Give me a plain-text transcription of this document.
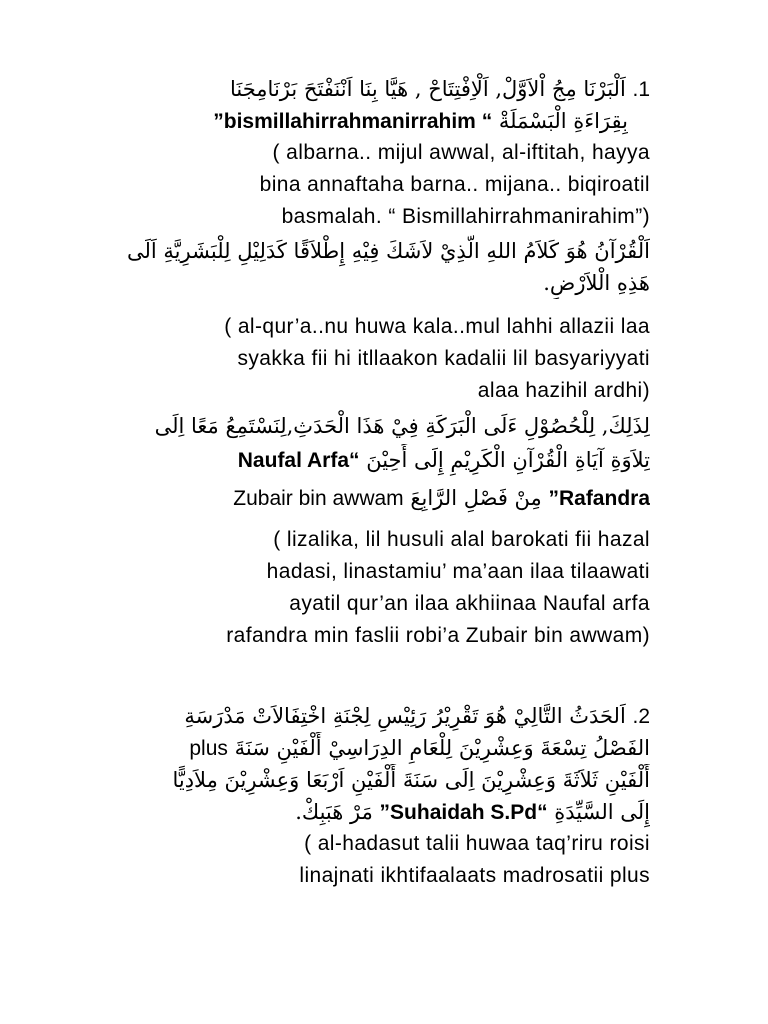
1. اَلْبَرْنَا مِجُ اْلاَوَّلْ, اَلْاِفْتِتَاحْ , هَيَّا بِنَا اَنْنَفْتَحَ بَرْنَامِجَنَا
بِقِرَاءَةِ الْبَسْمَلَةْ “ bismillahirrahmanirrahim”
( albarna.. mijul awwal, al-iftitah, hayya
bina annaftaha barna.. mijana.. biqiroatil
basmalah. “ Bismillahirrahmanirahim”)
اَلْقُرْآنُ هُوَ كَلاَمُ اللهِ الَّذِيْ لاَشَكَ فِيْهِ إِطْلاَقًا كَدَلِيْلِ لِلْبَشَرِيَّةِ اَلَى
هَذِهِ الْلاَرْضِ.
( al-qur’a..nu huwa kala..mul lahhi allazii laa
syakka fii hi itllaakon kadalii lil basyariyyati
alaa hazihil ardhi)
لِذَلِكَ, لِلْحُصُوْلِ ءَلَى الْبَرَكَةِ فِيْ هَذَا الْحَدَثِ,لِنَسْتَمِعُ مَعًا اِلَى
تِلاَوَةِ آيَاةِ الْقُرْآنِ الْكَرِيْمِ إِلَى أَحِيْنَ “Naufal Arfa
Rafandra” مِنْ فَصْلِ الرَّابِعَ Zubair bin awwam
( lizalika, lil husuli alal barokati fii hazal
hadasi, linastamiu’ ma’aan ilaa tilaawati
ayatil qur’an ilaa akhiinaa Naufal arfa
rafandra min faslii robi’a Zubair bin awwam)
2. اَلحَدَثُ التَّالِيْ هُوَ تَقْرِيْرُ رَئِيْسِ لِجْنَةِ اخْتِفَالاَتْ مَدْرَسَةِ
الفَصْلُ تِسْعَةَ وَعِشْرِيْنَ لِلْعَامِ الدِرَاسِيْ أَلْفَيْنِ سَنَةَ plus
أَلْفَيْنِ ثَلاَثَةَ وَعِشْرِيْنَ اِلَى سَنَةَ أَلْفَيْنِ اَرْبَعَا وَعِشْرِيْنَ مِلاَدِيًّا
إِلَى السَّيِّدَةِ “Suhaidah S.Pd” مَرْ هَبَبِكْ.
( al-hadasut talii huwaa taq’riru roisi
linajnati ikhtifaalaats madrosatii plus
